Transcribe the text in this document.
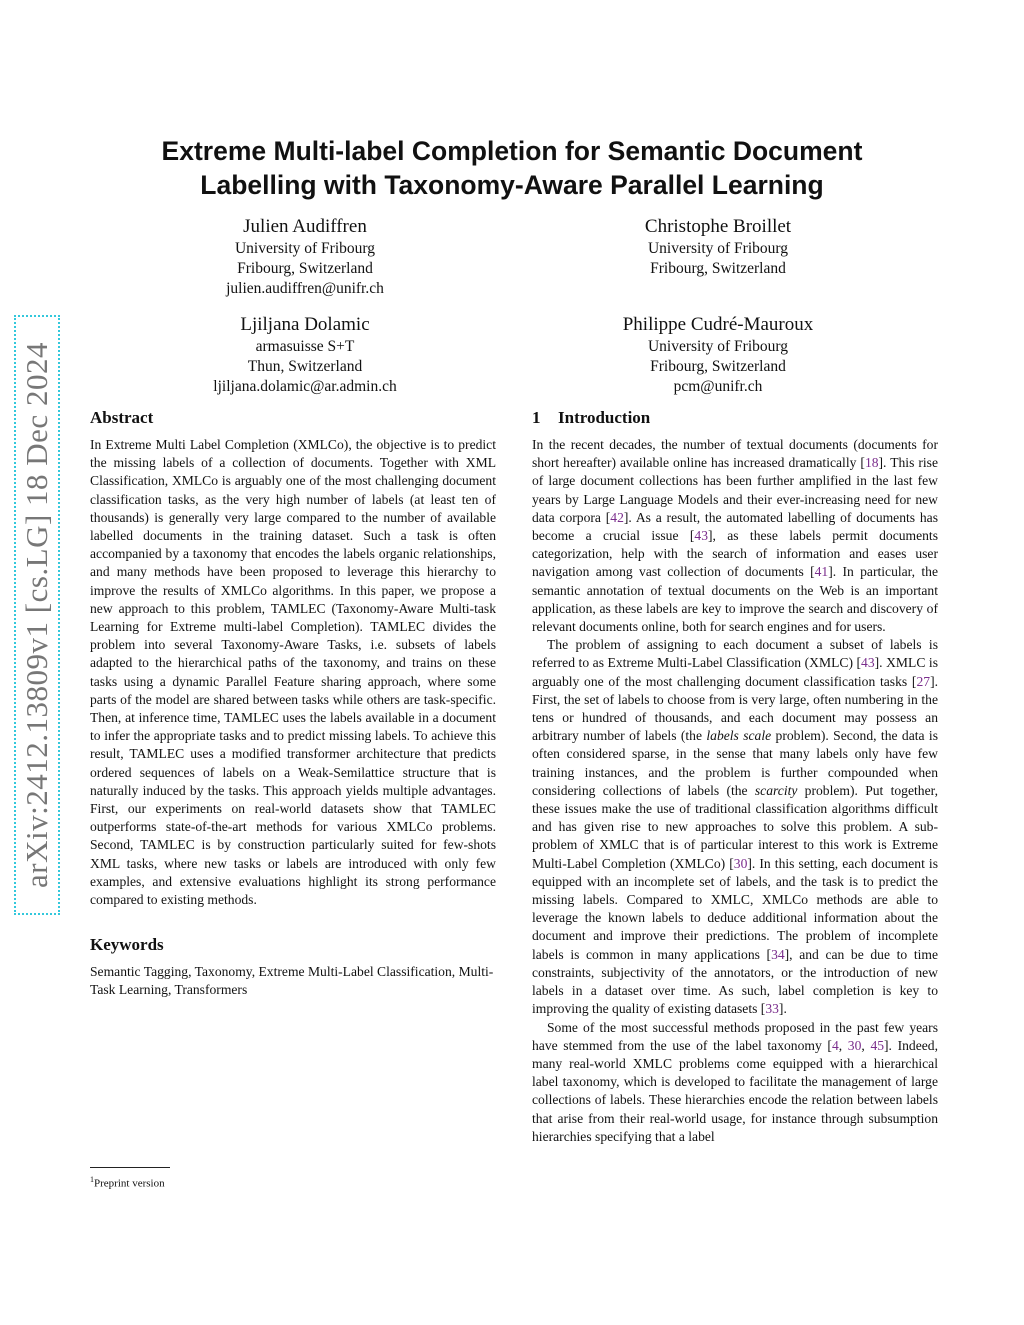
arXiv:2412.13809v1 [cs.LG] 18 Dec 2024
Extreme Multi-label Completion for Semantic Document Labelling with Taxonomy-Aware Parallel Learning
Julien Audiffren
University of Fribourg
Fribourg, Switzerland
julien.audiffren@unifr.ch
Christophe Broillet
University of Fribourg
Fribourg, Switzerland
Ljiljana Dolamic
armasuisse S+T
Thun, Switzerland
ljiljana.dolamic@ar.admin.ch
Philippe Cudré-Mauroux
University of Fribourg
Fribourg, Switzerland
pcm@unifr.ch
Abstract

In Extreme Multi Label Completion (XMLCo), the objective is to predict the missing labels of a collection of documents. Together with XML Classification, XMLCo is arguably one of the most challenging document classification tasks, as the very high number of labels (at least ten of thousands) is generally very large compared to the number of available labelled documents in the training dataset. Such a task is often accompanied by a taxonomy that encodes the labels organic relationships, and many methods have been proposed to leverage this hierarchy to improve the results of XMLCo algorithms. In this paper, we propose a new approach to this problem, TAMLEC (Taxonomy-Aware Multi-task Learning for Extreme multi-label Completion). TAMLEC divides the problem into several Taxonomy-Aware Tasks, i.e. subsets of labels adapted to the hierarchical paths of the taxonomy, and trains on these tasks using a dynamic Parallel Feature sharing approach, where some parts of the model are shared between tasks while others are task-specific. Then, at inference time, TAMLEC uses the labels available in a document to infer the appropriate tasks and to predict missing labels. To achieve this result, TAMLEC uses a modified transformer architecture that predicts ordered sequences of labels on a Weak-Semilattice structure that is naturally induced by the tasks. This approach yields multiple advantages. First, our experiments on real-world datasets show that TAMLEC outperforms state-of-the-art methods for various XMLCo problems. Second, TAMLEC is by construction particularly suited for few-shots XML tasks, where new tasks or labels are introduced with only few examples, and extensive evaluations highlight its strong performance compared to existing methods.

Keywords

Semantic Tagging, Taxonomy, Extreme Multi-Label Classification, Multi-Task Learning, Transformers

$^1$Preprint version
1 Introduction

In the recent decades, the number of textual documents (documents for short hereafter) available online has increased dramatically [18]. This rise of large document collections has been further amplified in the last few years by Large Language Models and their ever-increasing need for new data corpora [42]. As a result, the automated labelling of documents has become a crucial issue [43], as these labels permit documents categorization, help with the search of information and eases user navigation among vast collection of documents [41]. In particular, the semantic annotation of textual documents on the Web is an important application, as these labels are key to improve the search and discovery of relevant documents online, both for search engines and for users.

The problem of assigning to each document a subset of labels is referred to as Extreme Multi-Label Classification (XMLC) [43]. XMLC is arguably one of the most challenging document classification tasks [27]. First, the set of labels to choose from is very large, often numbering in the tens or hundred of thousands, and each document may possess an arbitrary number of labels (the labels scale problem). Second, the data is often considered sparse, in the sense that many labels only have few training instances, and the problem is further compounded when considering collections of labels (the scarcity problem). Put together, these issues make the use of traditional classification algorithms difficult and has given rise to new approaches to solve this problem. A sub-problem of XMLC that is of particular interest to this work is Extreme Multi-Label Completion (XMLCo) [30]. In this setting, each document is equipped with an incomplete set of labels, and the task is to predict the missing labels. Compared to XMLC, XMLCo methods are able to leverage the known labels to deduce additional information about the document and improve their predictions. The problem of incomplete labels is common in many applications [34], and can be due to time constraints, subjectivity of the annotators, or the introduction of new labels in a dataset over time. As such, label completion is key to improving the quality of existing datasets [33].

Some of the most successful methods proposed in the past few years have stemmed from the use of the label taxonomy [4, 30, 45]. Indeed, many real-world XMLC problems come equipped with a hierarchical label taxonomy, which is developed to facilitate the management of large collections of labels. These hierarchies encode the relation between labels that arise from their real-world usage, for instance through subsumption hierarchies specifying that a label
